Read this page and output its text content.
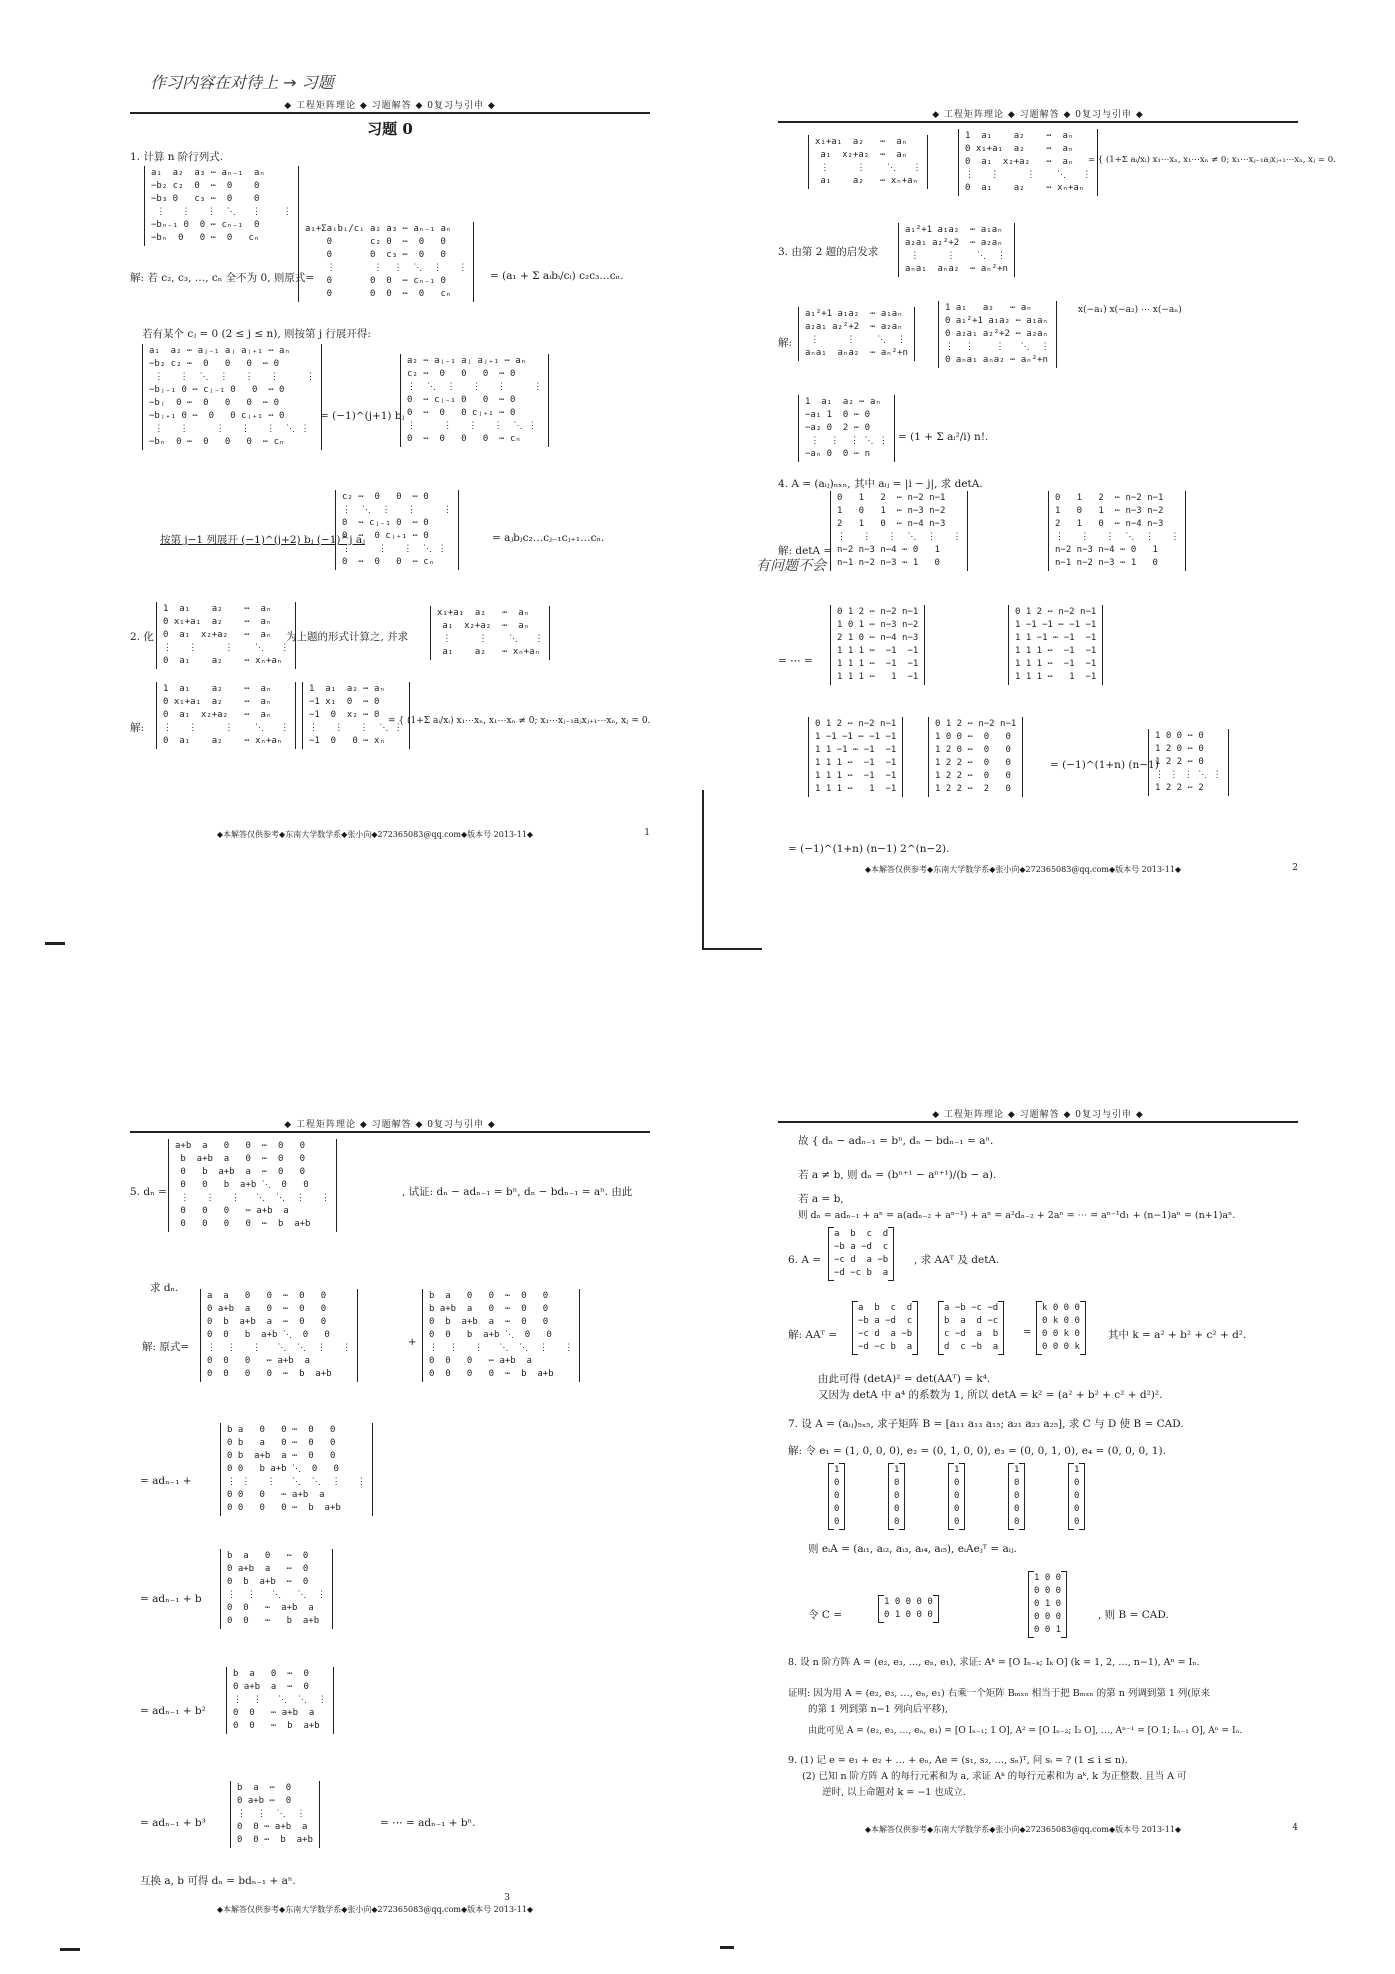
作习内容在对待上 → 习题
◆ 工程矩阵理论 ◆ 习题解答 ◆ 0复习与引申 ◆
习题 0
1. 计算 n 阶行列式.
a₁  a₂  a₃ ⋯ aₙ₋₁  aₙ
−b₂ c₂  0  ⋯  0    0
−b₃ 0   c₃ ⋯  0    0
⋮   ⋮   ⋮  ⋱   ⋮    ⋮
−bₙ₋₁ 0  0 ⋯ cₙ₋₁  0
−bₙ  0   0 ⋯  0   cₙ
解: 若 c₂, c₃, …, cₙ 全不为 0, 则原式=
a₁+Σaᵢbᵢ/cᵢ a₂ a₃ ⋯ aₙ₋₁ aₙ
0       c₂ 0  ⋯  0   0
0       0  c₃ ⋯  0   0
⋮       ⋮  ⋮  ⋱  ⋮   ⋮
0       0  0  ⋯ cₙ₋₁ 0
0       0  0  ⋯  0   cₙ
= (a₁ + Σ aᵢbᵢ/cᵢ) c₂c₃…cₙ.
若有某个 cⱼ = 0 (2 ≤ j ≤ n), 则按第 j 行展开得:
a₁  a₂ ⋯ aⱼ₋₁ aⱼ aⱼ₊₁ ⋯ aₙ
−b₂ c₂ ⋯  0   0   0  ⋯ 0
⋮   ⋮  ⋱  ⋮   ⋮   ⋮     ⋮
−bⱼ₋₁ 0 ⋯ cⱼ₋₁ 0   0  ⋯ 0
−bⱼ  0 ⋯  0   0   0  ⋯ 0
−bⱼ₊₁ 0 ⋯  0   0 cⱼ₊₁ ⋯ 0
⋮   ⋮     ⋮   ⋮   ⋮  ⋱ ⋮
−bₙ  0 ⋯  0   0   0  ⋯ cₙ
= (−1)^(j+1) bⱼ
a₂ ⋯ aⱼ₋₁ aⱼ aⱼ₊₁ ⋯ aₙ
c₂ ⋯  0   0   0  ⋯ 0
⋮  ⋱  ⋮   ⋮   ⋮     ⋮
0  ⋯ cⱼ₋₁ 0   0  ⋯ 0
0  ⋯  0   0 cⱼ₊₁ ⋯ 0
⋮     ⋮   ⋮   ⋮  ⋱ ⋮
0  ⋯  0   0   0  ⋯ cₙ
按第 j−1 列展开 (−1)^(j+2) bⱼ (−1)^j aⱼ
c₂ ⋯  0   0  ⋯ 0
⋮  ⋱  ⋮   ⋮     ⋮
0  ⋯ cⱼ₋₁ 0  ⋯ 0
0  ⋯  0 cⱼ₊₁ ⋯ 0
⋮     ⋮   ⋮  ⋱ ⋮
0  ⋯  0   0  ⋯ cₙ
= aⱼbⱼc₂…cⱼ₋₁cⱼ₊₁…cₙ.
2. 化
1  a₁    a₂    ⋯  aₙ
0 x₁+a₁  a₂    ⋯  aₙ
0  a₁  x₂+a₂   ⋯  aₙ
⋮   ⋮     ⋮    ⋱   ⋮
0  a₁    a₂    ⋯ xₙ+aₙ
为上题的形式计算之, 并求
x₁+a₁  a₂   ⋯  aₙ
a₁  x₂+a₂  ⋯  aₙ
⋮     ⋮    ⋱   ⋮
a₁    a₂   ⋯ xₙ+aₙ
解:
1  a₁    a₂    ⋯  aₙ
0 x₁+a₁  a₂    ⋯  aₙ
0  a₁  x₂+a₂   ⋯  aₙ
⋮   ⋮     ⋮    ⋱   ⋮
0  a₁    a₂    ⋯ xₙ+aₙ
1  a₁  a₂ ⋯ aₙ
−1 x₁  0  ⋯ 0
−1  0  x₂ ⋯ 0
⋮   ⋮   ⋮  ⋱ ⋮
−1  0   0 ⋯ xₙ
= { (1+Σ aᵢ/xᵢ) x₁⋯xₙ, x₁⋯xₙ ≠ 0; x₁⋯xⱼ₋₁aⱼxⱼ₊₁⋯xₙ, xⱼ = 0.
◆本解答仅供参考◆东南大学数学系◆张小向◆272365083@qq.com◆版本号 2013-11◆	1
◆ 工程矩阵理论 ◆ 习题解答 ◆ 0复习与引申 ◆
x₁+a₁  a₂   ⋯  aₙ
a₁  x₂+a₂  ⋯  aₙ
⋮     ⋮    ⋱   ⋮
a₁    a₂   ⋯ xₙ+aₙ
1  a₁    a₂    ⋯  aₙ
0 x₁+a₁  a₂    ⋯  aₙ
0  a₁  x₂+a₂   ⋯  aₙ
⋮   ⋮     ⋮    ⋱   ⋮
0  a₁    a₂    ⋯ xₙ+aₙ
= { (1+Σ aᵢ/xᵢ) x₁⋯xₙ, x₁⋯xₙ ≠ 0; x₁⋯xⱼ₋₁aⱼxⱼ₊₁⋯xₙ, xⱼ = 0.
3. 由第 2 题的启发求
a₁²+1 a₁a₂  ⋯ a₁aₙ
a₂a₁ a₂²+2  ⋯ a₂aₙ
⋮     ⋮    ⋱  ⋮
aₙa₁  aₙa₂  ⋯ aₙ²+n
解:
a₁²+1 a₁a₂  ⋯ a₁aₙ
a₂a₁ a₂²+2  ⋯ a₂aₙ
⋮     ⋮    ⋱  ⋮
aₙa₁  aₙa₂  ⋯ aₙ²+n
1 a₁   a₂   ⋯ aₙ
0 a₁²+1 a₁a₂ ⋯ a₁aₙ
0 a₂a₁ a₂²+2 ⋯ a₂aₙ
⋮  ⋮    ⋮   ⋱  ⋮
0 aₙa₁ aₙa₂ ⋯ aₙ²+n
x(−a₁) x(−a₂) ⋯ x(−aₙ)
1  a₁  a₂ ⋯ aₙ
−a₁ 1  0 ⋯ 0
−a₂ 0  2 ⋯ 0
⋮  ⋮  ⋮ ⋱ ⋮
−aₙ 0  0 ⋯ n
= (1 + Σ aᵢ²/i) n!.
4. A = (aᵢⱼ)ₙₓₙ, 其中 aᵢⱼ = |i − j|, 求 detA.
解: detA =
0   1   2  ⋯ n−2 n−1
1   0   1  ⋯ n−3 n−2
2   1   0  ⋯ n−4 n−3
⋮   ⋮   ⋮  ⋱  ⋮   ⋮
n−2 n−3 n−4 ⋯ 0   1
n−1 n−2 n−3 ⋯ 1   0
0   1   2  ⋯ n−2 n−1
1   0   1  ⋯ n−3 n−2
2   1   0  ⋯ n−4 n−3
⋮   ⋮   ⋮  ⋱  ⋮   ⋮
n−2 n−3 n−4 ⋯ 0   1
n−1 n−2 n−3 ⋯ 1   0
有问题不会
= ⋯ =
0 1 2 ⋯ n−2 n−1
1 0 1 ⋯ n−3 n−2
2 1 0 ⋯ n−4 n−3
1 1 1 ⋯  −1  −1
1 1 1 ⋯  −1  −1
1 1 1 ⋯   1  −1
0 1 2 ⋯ n−2 n−1
1 −1 −1 ⋯ −1 −1
1 1 −1 ⋯ −1  −1
1 1 1 ⋯  −1  −1
1 1 1 ⋯  −1  −1
1 1 1 ⋯   1  −1
0 1 2 ⋯ n−2 n−1
1 −1 −1 ⋯ −1 −1
1 1 −1 ⋯ −1  −1
1 1 1 ⋯  −1  −1
1 1 1 ⋯  −1  −1
1 1 1 ⋯   1  −1
0 1 2 ⋯ n−2 n−1
1 0 0 ⋯  0   0
1 2 0 ⋯  0   0
1 2 2 ⋯  0   0
1 2 2 ⋯  0   0
1 2 2 ⋯  2   0
= (−1)^(1+n) (n−1)
1 0 0 ⋯ 0
1 2 0 ⋯ 0
1 2 2 ⋯ 0
⋮ ⋮ ⋮ ⋱ ⋮
1 2 2 ⋯ 2
= (−1)^(1+n) (n−1) 2^(n−2).
◆本解答仅供参考◆东南大学数学系◆张小向◆272365083@qq.com◆版本号 2013-11◆	2
◆ 工程矩阵理论 ◆ 习题解答 ◆ 0复习与引申 ◆
5. dₙ =
a+b  a   0   0  ⋯  0   0
b  a+b  a   0  ⋯  0   0
0   b  a+b  a  ⋯  0   0
0   0   b  a+b ⋱  0   0
⋮   ⋮   ⋮   ⋱  ⋱  ⋮   ⋮
0   0   0   ⋯ a+b  a
0   0   0   0  ⋯  b  a+b
, 试证: dₙ − adₙ₋₁ = bⁿ, dₙ − bdₙ₋₁ = aⁿ. 由此
求 dₙ.
解: 原式=
a  a   0   0  ⋯  0   0
0 a+b  a   0  ⋯  0   0
0  b  a+b  a  ⋯  0   0
0  0   b  a+b ⋱  0   0
⋮  ⋮   ⋮   ⋱  ⋱  ⋮   ⋮
0  0   0   ⋯ a+b  a
0  0   0   0  ⋯  b  a+b
+
b  a   0   0  ⋯  0   0
b a+b  a   0  ⋯  0   0
0  b  a+b  a  ⋯  0   0
0  0   b  a+b ⋱  0   0
⋮  ⋮   ⋮   ⋱  ⋱  ⋮   ⋮
0  0   0   ⋯ a+b  a
0  0   0   0  ⋯  b  a+b
= adₙ₋₁ +
b a   0   0 ⋯  0   0
0 b   a   0 ⋯  0   0
0 b  a+b  a ⋯  0   0
0 0   b a+b ⋱  0   0
⋮ ⋮   ⋮   ⋱  ⋱  ⋮   ⋮
0 0   0   ⋯ a+b  a
0 0   0   0 ⋯  b  a+b
= adₙ₋₁ + b
b  a   0   ⋯  0
0 a+b  a   ⋯  0
0  b  a+b  ⋯  0
⋮  ⋮   ⋱   ⋱  ⋮
0  0   ⋯  a+b  a
0  0   ⋯   b  a+b
= adₙ₋₁ + b²
b  a   0  ⋯  0
0 a+b  a  ⋯  0
⋮  ⋮   ⋱  ⋱  ⋮
0  0   ⋯ a+b  a
0  0   ⋯  b  a+b
= adₙ₋₁ + b³
b  a  ⋯  0
0 a+b ⋯  0
⋮  ⋮  ⋱  ⋮
0  0 ⋯ a+b  a
0  0 ⋯  b  a+b
= ⋯ = adₙ₋₁ + bⁿ.
互换 a, b 可得 dₙ = bdₙ₋₁ + aⁿ.
◆本解答仅供参考◆东南大学数学系◆张小向◆272365083@qq.com◆版本号 2013-11◆
3
◆ 工程矩阵理论 ◆ 习题解答 ◆ 0复习与引申 ◆
故 { dₙ − adₙ₋₁ = bⁿ, dₙ − bdₙ₋₁ = aⁿ.
若 a ≠ b, 则 dₙ = (bⁿ⁺¹ − aⁿ⁺¹)/(b − a).
若 a = b,
则 dₙ = adₙ₋₁ + aⁿ = a(adₙ₋₂ + aⁿ⁻¹) + aⁿ = a²dₙ₋₂ + 2aⁿ = ⋯ = aⁿ⁻¹d₁ + (n−1)aⁿ = (n+1)aⁿ.
6. A =
a  b  c  d
−b a −d  c
−c d  a −b
−d −c b  a
, 求 AAᵀ 及 detA.
解: AAᵀ =
a  b  c  d
−b a −d  c
−c d  a −b
−d −c b  a
a −b −c −d
b  a  d −c
c −d  a  b
d  c −b  a
=
k 0 0 0
0 k 0 0
0 0 k 0
0 0 0 k
其中 k = a² + b² + c² + d².
由此可得 (detA)² = det(AAᵀ) = k⁴.
又因为 detA 中 a⁴ 的系数为 1, 所以 detA = k² = (a² + b² + c² + d²)².
7. 设 A = (aᵢⱼ)₅ₓ₅, 求子矩阵 B = [a₁₁ a₁₃ a₁₅; a₂₁ a₂₃ a₂₅], 求 C 与 D 使 B = CAD.
解: 令 e₁ = (1, 0, 0, 0), e₂ = (0, 1, 0, 0), e₃ = (0, 0, 1, 0), e₄ = (0, 0, 0, 1).
1
0
0
0
0
1
0
0
0
0
1
0
0
0
0
1
0
0
0
0
1
0
0
0
0
则 eᵢA = (aᵢ₁, aᵢ₂, aᵢ₃, aᵢ₄, aᵢ₅), eᵢAeⱼᵀ = aᵢⱼ.
令 C =
1 0 0 0 0
0 1 0 0 0
1 0 0
0 0 0
0 1 0
0 0 0
0 0 1
, 则 B = CAD.
8. 设 n 阶方阵 A = (e₂, e₃, …, eₙ, e₁), 求证: Aᵏ = [O Iₙ₋ₖ; Iₖ O] (k = 1, 2, …, n−1), Aⁿ = Iₙ.
证明: 因为用 A = (e₂, e₃, …, eₙ, e₁) 右乘一个矩阵 Bₘₓₙ 相当于把 Bₘₓₙ 的第 n 列调到第 1 列(原来
的第 1 列到第 n−1 列向后平移),
由此可见 A = (e₂, e₃, …, eₙ, e₁) = [O Iₙ₋₁; 1 O], A² = [O Iₙ₋₂; I₂ O], …, Aⁿ⁻¹ = [O 1; Iₙ₋₁ O], Aⁿ = Iₙ.
9. (1) 记 e = e₁ + e₂ + … + eₙ, Ae = (s₁, s₂, …, sₙ)ᵀ, 问 sᵢ = ? (1 ≤ i ≤ n).
(2) 已知 n 阶方阵 A 的每行元素和为 a, 求证 Aᵏ 的每行元素和为 aᵏ, k 为正整数. 且当 A 可
逆时, 以上命题对 k = −1 也成立.
◆本解答仅供参考◆东南大学数学系◆张小向◆272365083@qq.com◆版本号 2013-11◆	4
